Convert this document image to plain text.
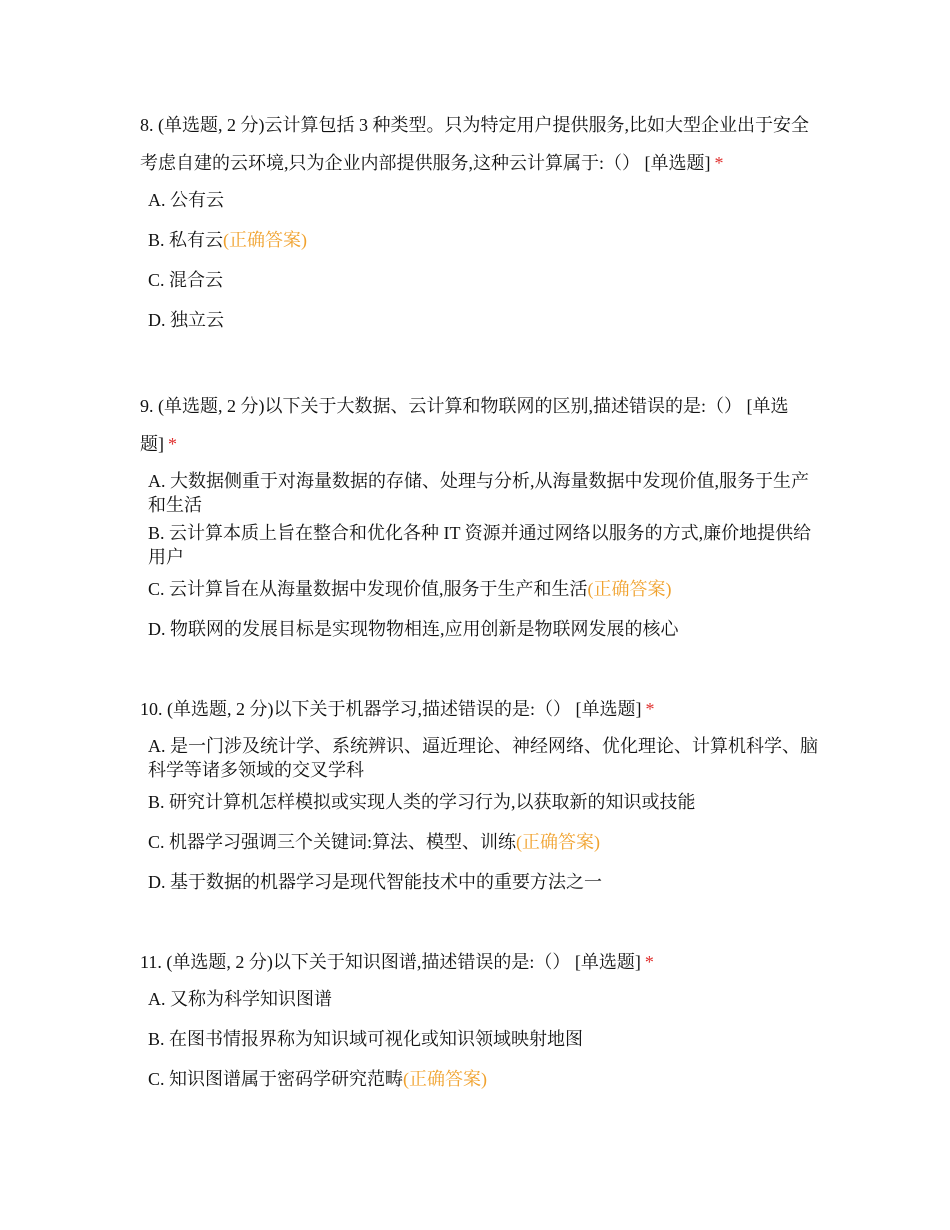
8. (单选题, 2 分)云计算包括 3 种类型。只为特定用户提供服务,比如大型企业出于安全考虑自建的云环境,只为企业内部提供服务,这种云计算属于:（） [单选题] *

A. 公有云
B. 私有云(正确答案)
C. 混合云
D. 独立云

9. (单选题, 2 分)以下关于大数据、云计算和物联网的区别,描述错误的是:（） [单选题] *

A. 大数据侧重于对海量数据的存储、处理与分析,从海量数据中发现价值,服务于生产和生活
B. 云计算本质上旨在整合和优化各种 IT 资源并通过网络以服务的方式,廉价地提供给用户
C. 云计算旨在从海量数据中发现价值,服务于生产和生活(正确答案)
D. 物联网的发展目标是实现物物相连,应用创新是物联网发展的核心

10. (单选题, 2 分)以下关于机器学习,描述错误的是:（） [单选题] *

A. 是一门涉及统计学、系统辨识、逼近理论、神经网络、优化理论、计算机科学、脑科学等诸多领域的交叉学科
B. 研究计算机怎样模拟或实现人类的学习行为,以获取新的知识或技能
C. 机器学习强调三个关键词:算法、模型、训练(正确答案)
D. 基于数据的机器学习是现代智能技术中的重要方法之一

11. (单选题, 2 分)以下关于知识图谱,描述错误的是:（） [单选题] *

A. 又称为科学知识图谱
B. 在图书情报界称为知识域可视化或知识领域映射地图
C. 知识图谱属于密码学研究范畴(正确答案)
